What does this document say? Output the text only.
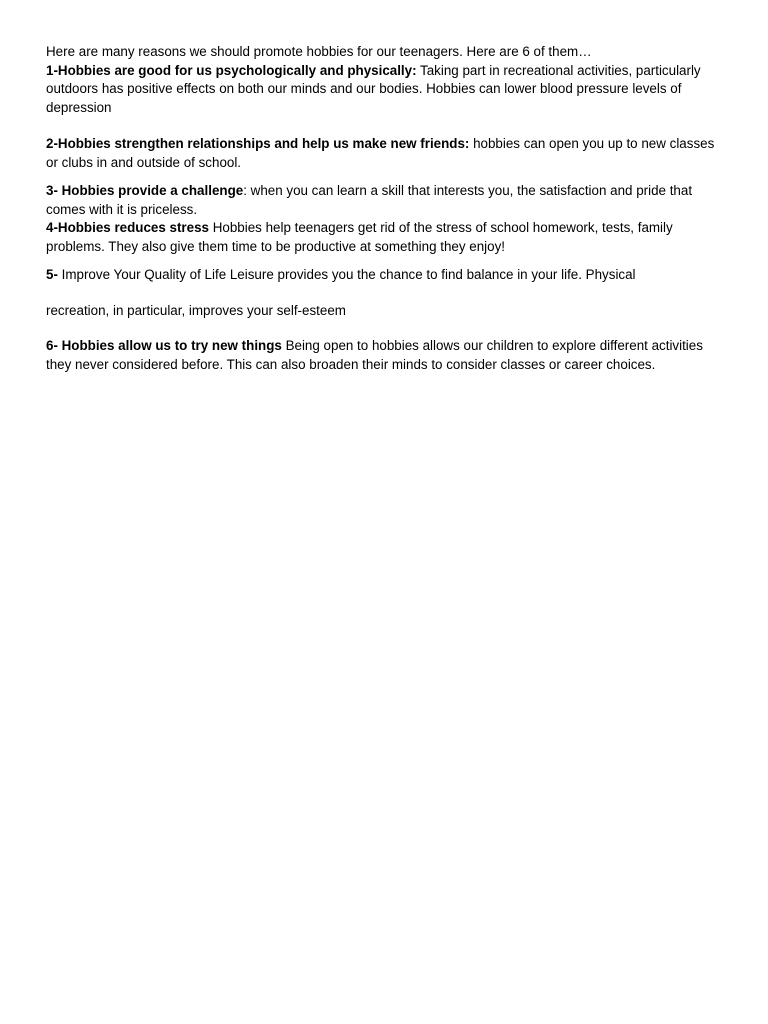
Here are many reasons we should promote hobbies for our teenagers. Here are 6 of them…

1-Hobbies are good for us psychologically and physically: Taking part in recreational activities, particularly outdoors has positive effects on both our minds and our bodies. Hobbies can lower blood pressure levels of depression

2-Hobbies strengthen relationships and help us make new friends: hobbies can open you up to new classes or clubs in and outside of school.

3- Hobbies provide a challenge: when you can learn a skill that interests you, the satisfaction and pride that comes with it is priceless.

4-Hobbies reduces stress Hobbies help teenagers get rid of the stress of school homework, tests, family problems. They also give them time to be productive at something they enjoy!

5- Improve Your Quality of Life Leisure provides you the chance to find balance in your life. Physical

recreation, in particular, improves your self-esteem

6- Hobbies allow us to try new things Being open to hobbies allows our children to explore different activities they never considered before. This can also broaden their minds to consider classes or career choices.
